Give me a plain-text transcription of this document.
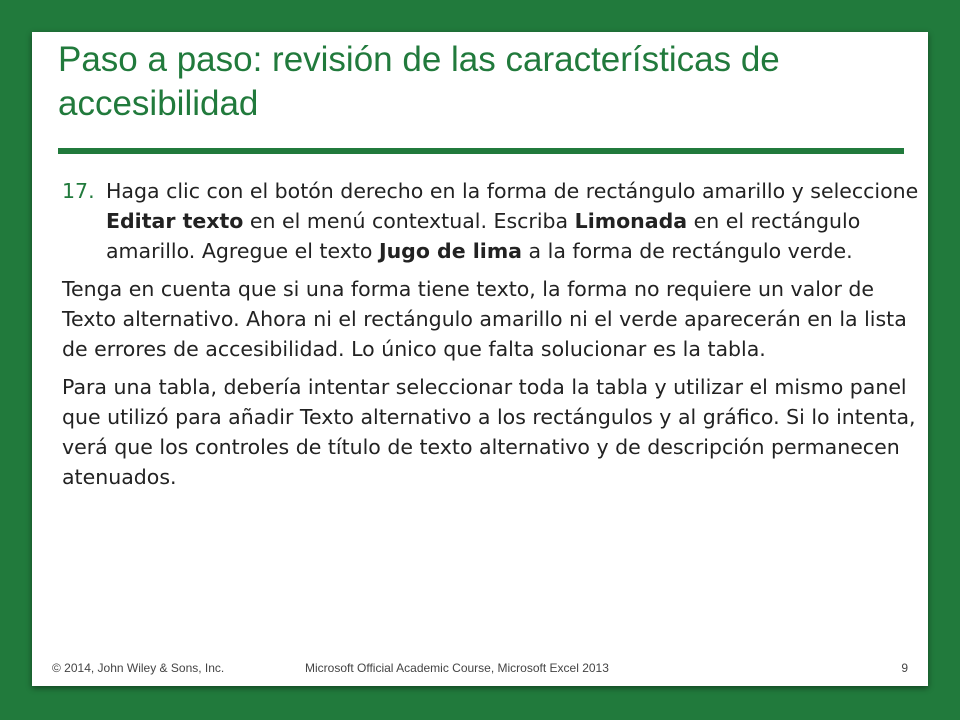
Paso a paso: revisión de las características de accesibilidad
17. Haga clic con el botón derecho en la forma de rectángulo amarillo y seleccione Editar texto en el menú contextual. Escriba Limonada en el rectángulo amarillo. Agregue el texto Jugo de lima a la forma de rectángulo verde.

Tenga en cuenta que si una forma tiene texto, la forma no requiere un valor de Texto alternativo. Ahora ni el rectángulo amarillo ni el verde aparecerán en la lista de errores de accesibilidad. Lo único que falta solucionar es la tabla.

Para una tabla, debería intentar seleccionar toda la tabla y utilizar el mismo panel que utilizó para añadir Texto alternativo a los rectángulos y al gráfico. Si lo intenta, verá que los controles de título de texto alternativo y de descripción permanecen atenuados.

© 2014, John Wiley & Sons, Inc.	Microsoft Official Academic Course, Microsoft Excel 2013	9
